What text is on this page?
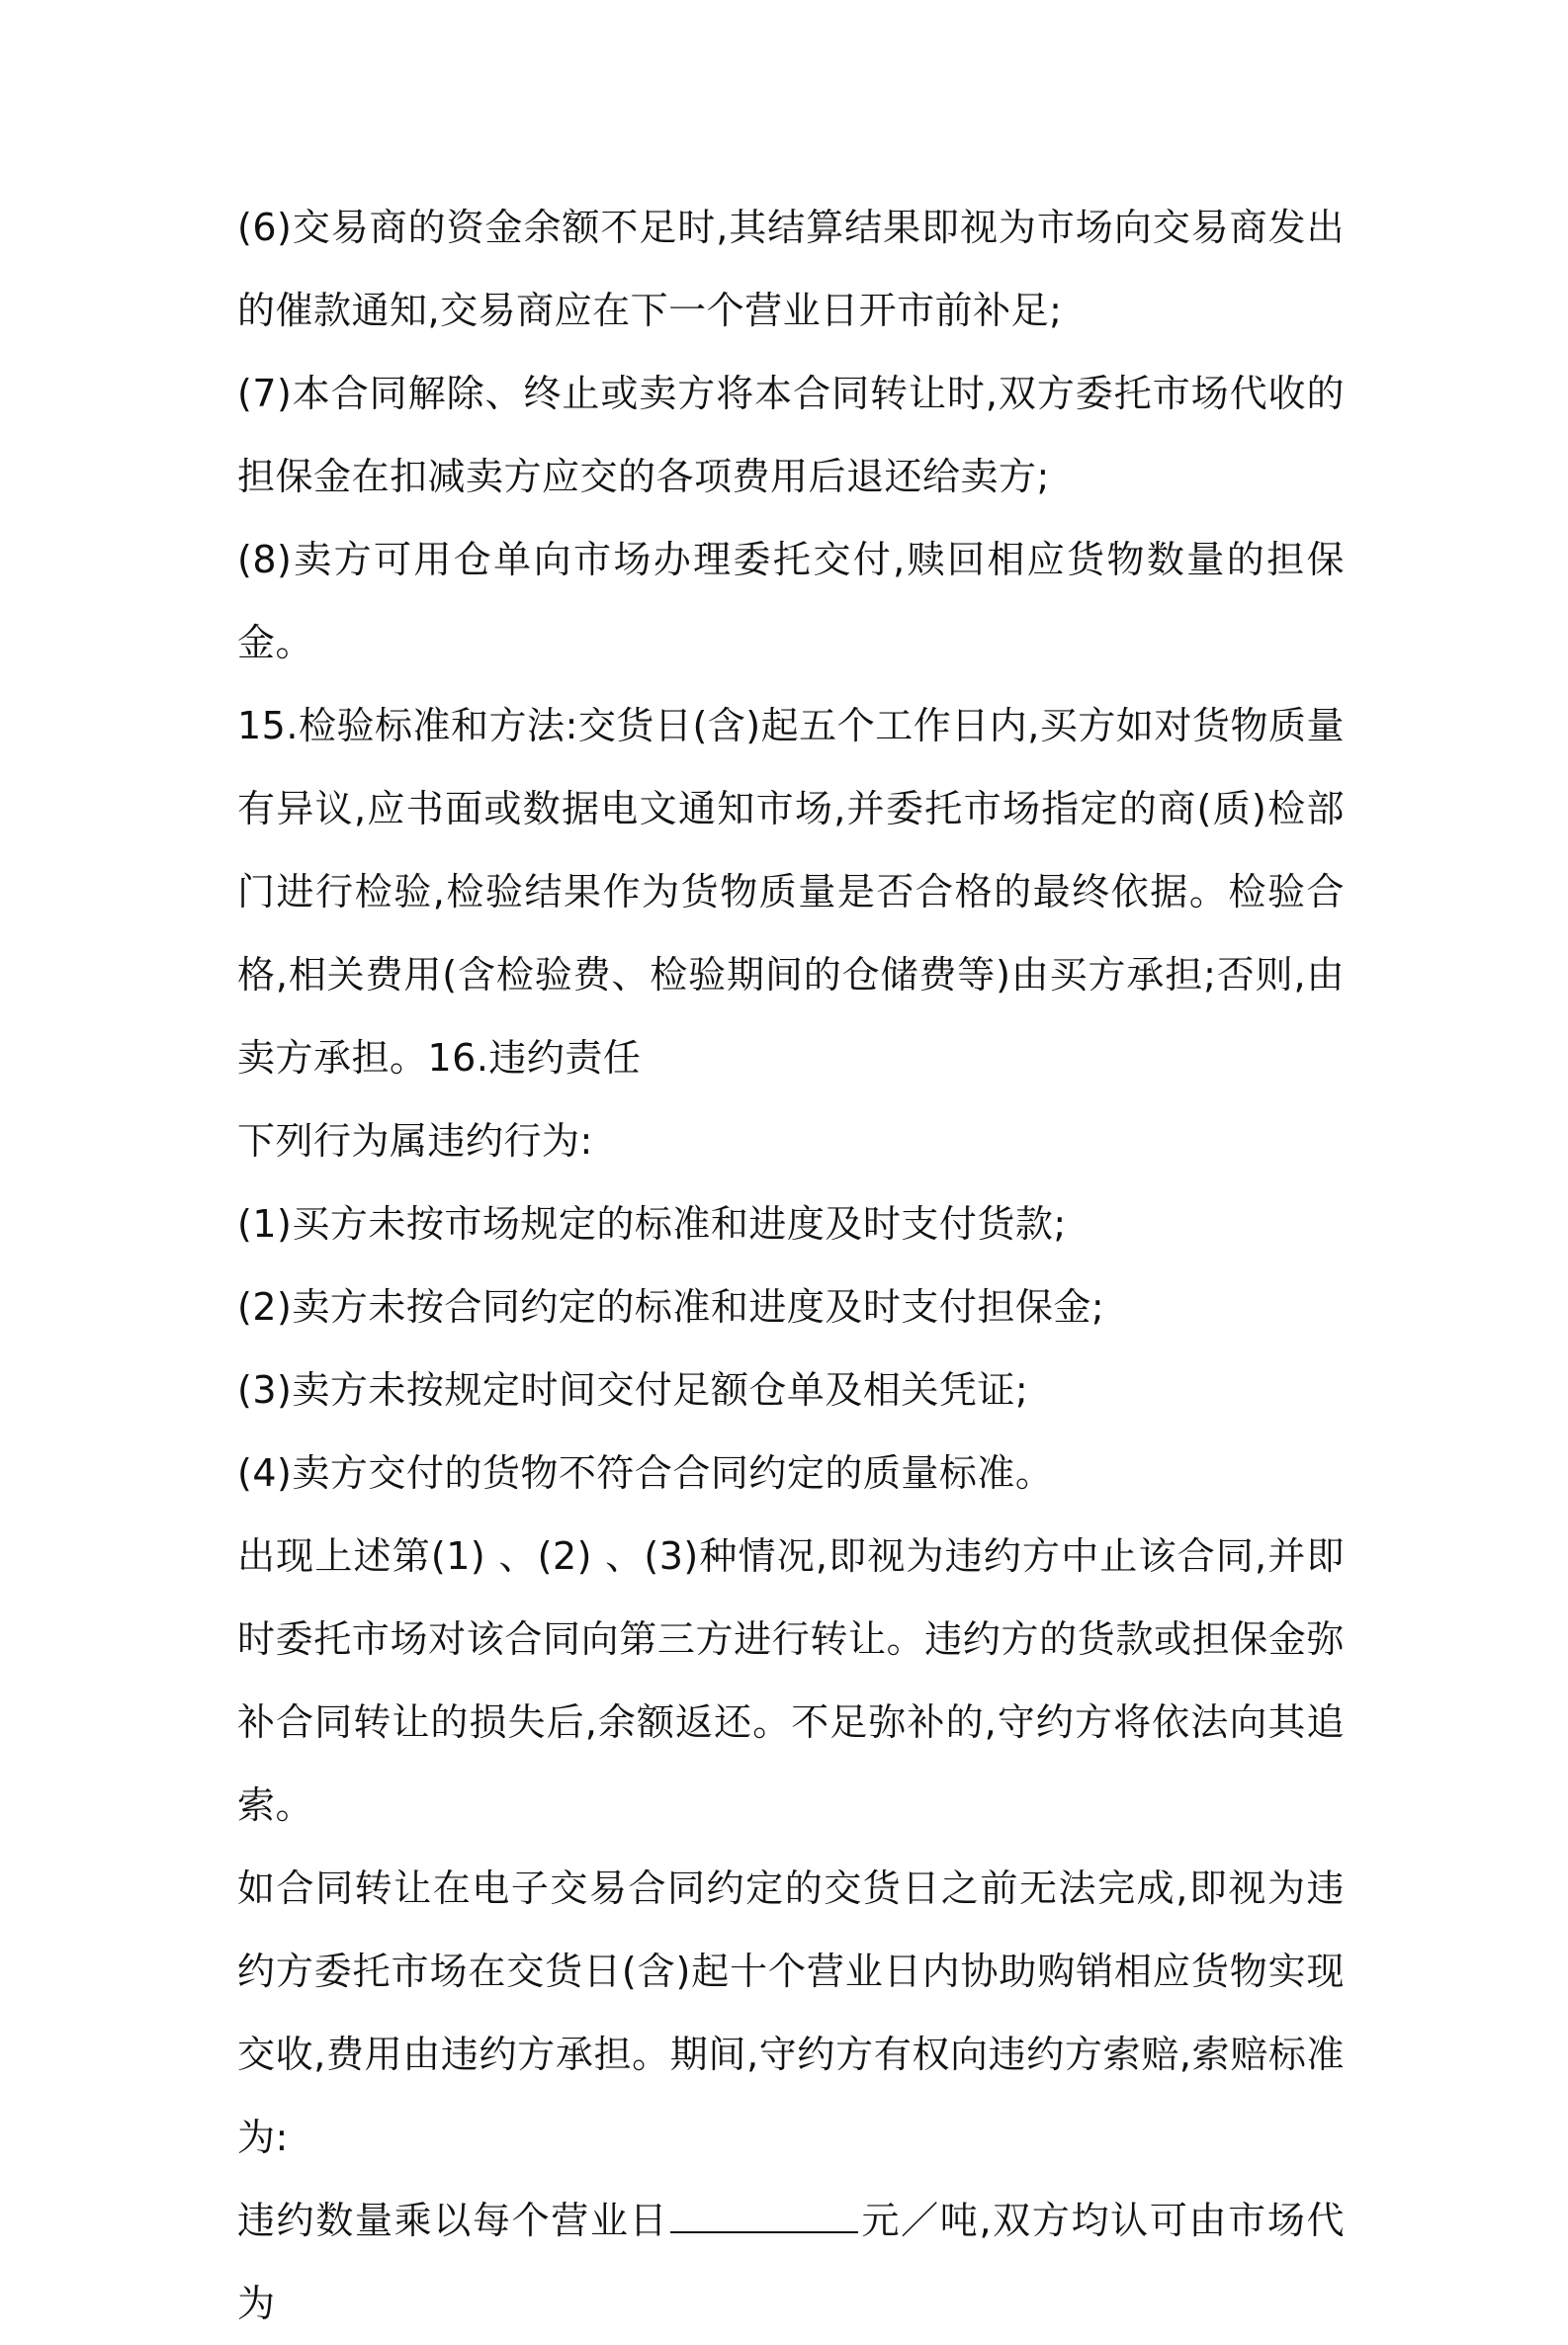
(6)交易商的资金余额不足时,其结算结果即视为市场向交易商发出的催款通知,交易商应在下一个营业日开市前补足;

(7)本合同解除、终止或卖方将本合同转让时,双方委托市场代收的担保金在扣减卖方应交的各项费用后退还给卖方;

(8)卖方可用仓单向市场办理委托交付,赎回相应货物数量的担保金。

15.检验标准和方法:交货日(含)起五个工作日内,买方如对货物质量有异议,应书面或数据电文通知市场,并委托市场指定的商(质)检部门进行检验,检验结果作为货物质量是否合格的最终依据。检验合格,相关费用(含检验费、检验期间的仓储费等)由买方承担;否则,由卖方承担。16.违约责任

下列行为属违约行为:

(1)买方未按市场规定的标准和进度及时支付货款;

(2)卖方未按合同约定的标准和进度及时支付担保金;

(3)卖方未按规定时间交付足额仓单及相关凭证;

(4)卖方交付的货物不符合合同约定的质量标准。

出现上述第(1) 、(2) 、(3)种情况,即视为违约方中止该合同,并即时委托市场对该合同向第三方进行转让。违约方的货款或担保金弥补合同转让的损失后,余额返还。不足弥补的,守约方将依法向其追索。

如合同转让在电子交易合同约定的交货日之前无法完成,即视为违约方委托市场在交货日(含)起十个营业日内协助购销相应货物实现交收,费用由违约方承担。期间,守约方有权向违约方索赔,索赔标准为:

违约数量乘以每个营业日	元／吨,双方均认可由市场代为
